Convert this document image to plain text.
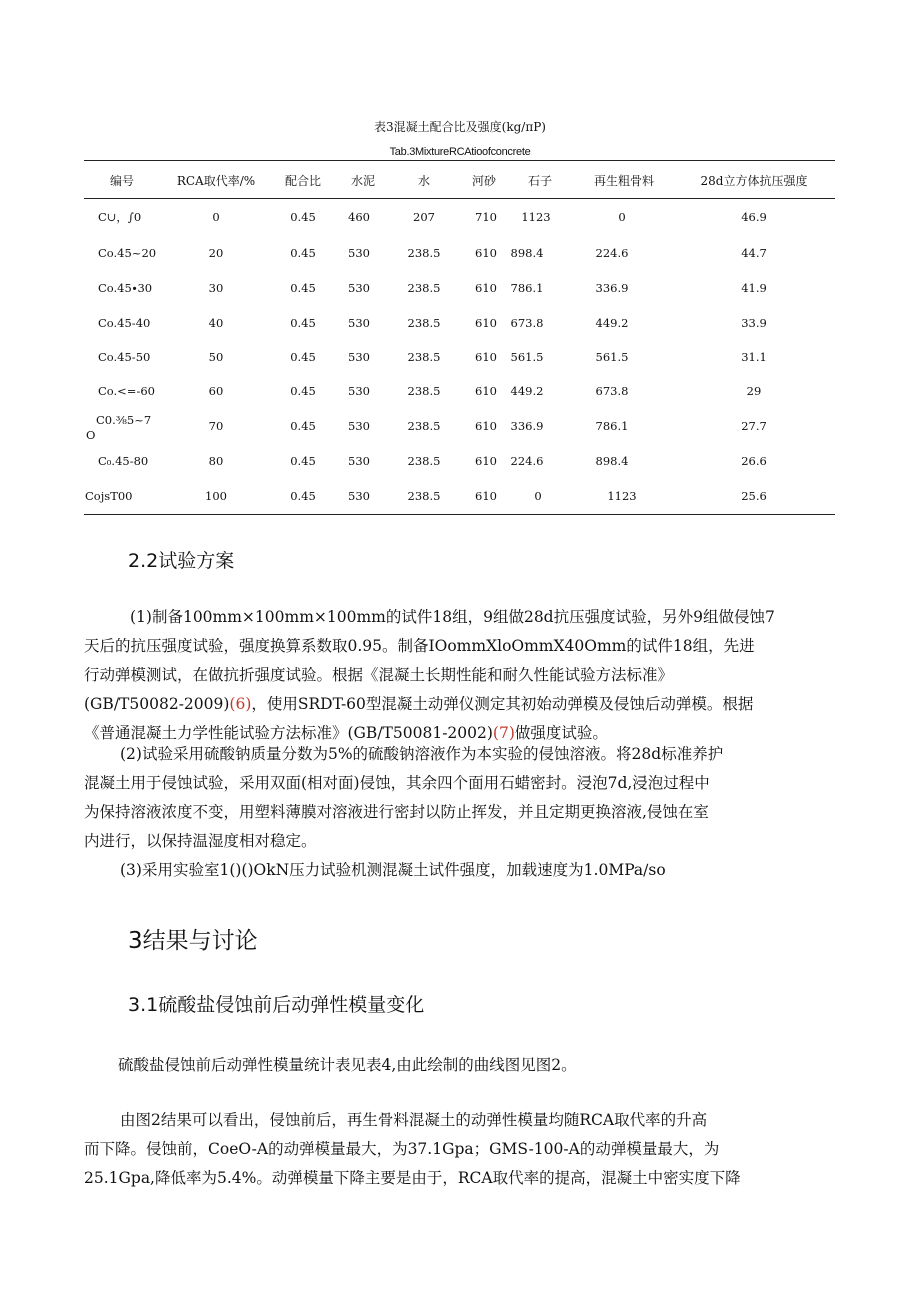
表3混凝土配合比及强度(kg/πP)
Tab.3MixtureRCAtioofconcrete
编号	RCA取代率/% 配合比 水泥	水	河砂	石子	再生粗骨料	28d立方体抗压强度
C∪，∫0	0	0.45	460	207	710 1123	0	46.9
Co.45~20	20	0.45	530	238.5	610 898.4	224.6	44.7
Co.45∙30	30	0.45	530	238.5	610 786.1	336.9	41.9
Co.45-40	40	0.45	530	238.5	610 673.8	449.2	33.9
Co.45-50	50	0.45	530	238.5	610 561.5	561.5	31.1
Co.<=-60	60	0.45	530	238.5	610 449.2	673.8	29
C0.⅜5~7
O
70	0.45	530	238.5	610 336.9	786.1	27.7
C₀.45-80	80	0.45	530	238.5	610 224.6	898.4	26.6
CojsT00	100	0.45	530	238.5	610	0	1123	25.6
2.2试验方案
(1)制备100mm×100mm×100mm的试件18组，9组做28d抗压强度试验，另外9组做侵蚀7
天后的抗压强度试验，强度换算系数取0.95。制备IOommXloOmmX40Omm的试件18组，先进
行动弹模测试，在做抗折强度试验。根据《混凝土长期性能和耐久性能试验方法标准》
(GB/T50082-2009)(6)，使用SRDT-60型混凝土动弹仪测定其初始动弹模及侵蚀后动弹模。根据
《普通混凝土力学性能试验方法标准》(GB/T50081-2002)(7)做强度试验。
(2)试验采用硫酸钠质量分数为5%的硫酸钠溶液作为本实验的侵蚀溶液。将28d标准养护
混凝土用于侵蚀试验，采用双面(相对面)侵蚀，其余四个面用石蜡密封。浸泡7d,浸泡过程中
为保持溶液浓度不变，用塑料薄膜对溶液进行密封以防止挥发，并且定期更换溶液,侵蚀在室
内进行，以保持温湿度相对稳定。
(3)采用实验室1()()OkN压力试验机测混凝土试件强度，加载速度为1.0MPa∕so
3结果与讨论
3.1硫酸盐侵蚀前后动弹性模量变化
硫酸盐侵蚀前后动弹性模量统计表见表4,由此绘制的曲线图见图2。
由图2结果可以看出，侵蚀前后，再生骨料混凝土的动弹性模量均随RCA取代率的升高
而下降。侵蚀前，CoeO-A的动弹模量最大，为37.1Gpa；GMS-100-A的动弹模量最大，为
25.1Gpa,降低率为5.4%。动弹模量下降主要是由于，RCA取代率的提高，混凝土中密实度下降
